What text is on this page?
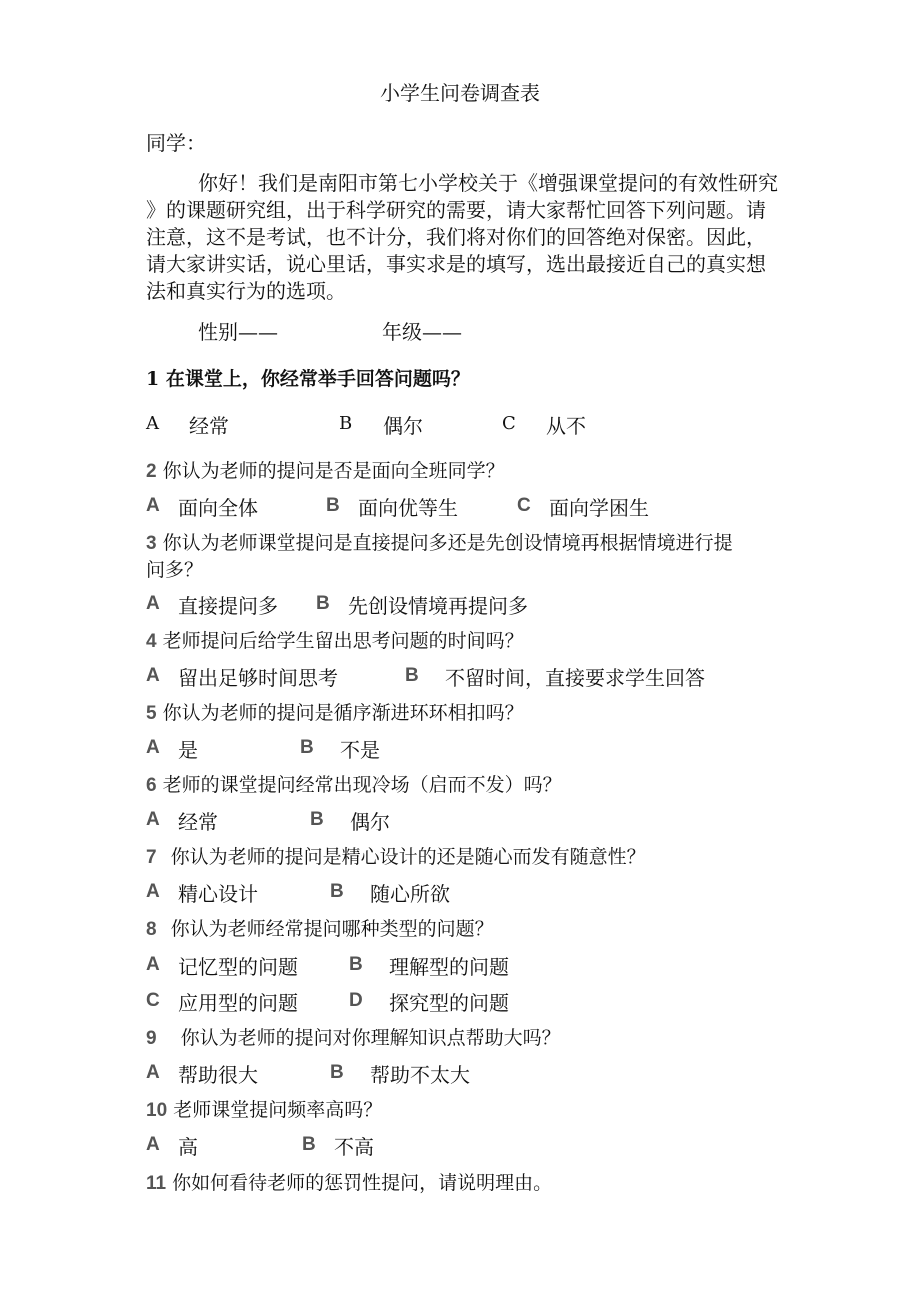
小学生问卷调查表
同学：
你好！我们是南阳市第七小学校关于《增强课堂提问的有效性研究
》的课题研究组，出于科学研究的需要，请大家帮忙回答下列问题。请
注意，这不是考试，也不计分，我们将对你们的回答绝对保密。因此，
请大家讲实话，说心里话，事实求是的填写，选出最接近自己的真实想
法和真实行为的选项。
性别——	年级——
1 在课堂上，你经常举手回答问题吗？
A 经常	B 偶尔	C 从不
2 你认为老师的提问是否是面向全班同学？
A 面向全体	B 面向优等生	C 面向学困生
3 你认为老师课堂提问是直接提问多还是先创设情境再根据情境进行提
问多？
A 直接提问多 B 先创设情境再提问多
4 老师提问后给学生留出思考问题的时间吗？
A 留出足够时间思考	B 不留时间，直接要求学生回答
5 你认为老师的提问是循序渐进环环相扣吗？
A 是	B 不是
6 老师的课堂提问经常出现冷场（启而不发）吗？
A 经常	B 偶尔
7 你认为老师的提问是精心设计的还是随心而发有随意性？
A 精心设计	B 随心所欲
8 你认为老师经常提问哪种类型的问题？
A 记忆型的问题	B 理解型的问题
C 应用型的问题	D 探究型的问题
9 你认为老师的提问对你理解知识点帮助大吗？
A 帮助很大	B 帮助不太大
10 老师课堂提问频率高吗？
A 高	B 不高
11 你如何看待老师的惩罚性提问，请说明理由。
